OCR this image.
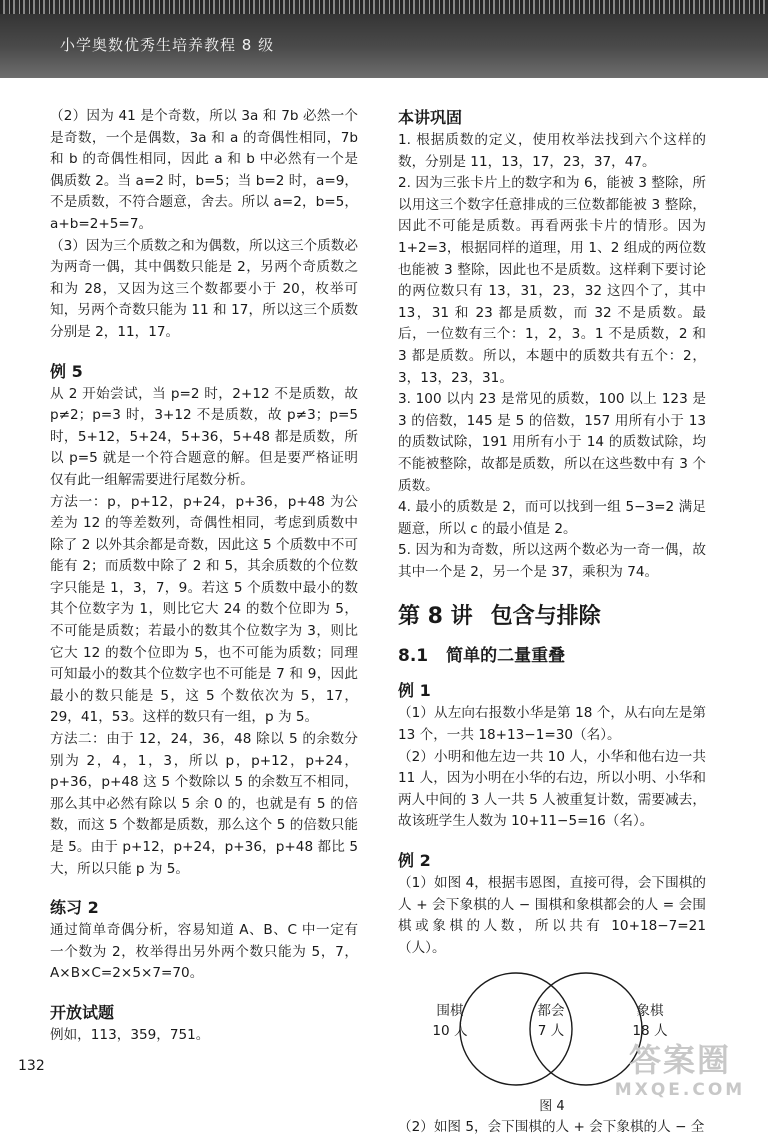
小学奥数优秀生培养教程 8 级

（2）因为 41 是个奇数，所以 3a 和 7b 必然一个是奇数，一个是偶数，3a 和 a 的奇偶性相同，7b 和 b 的奇偶性相同，因此 a 和 b 中必然有一个是偶质数 2。当 a=2 时，b=5；当 b=2 时，a=9，不是质数，不符合题意，舍去。所以 a=2，b=5，a+b=2+5=7。

（3）因为三个质数之和为偶数，所以这三个质数必为两奇一偶，其中偶数只能是 2，另两个奇质数之和为 28，又因为这三个数都要小于 20，枚举可知，另两个奇数只能为 11 和 17，所以这三个质数分别是 2，11，17。

例 5

从 2 开始尝试，当 p=2 时，2+12 不是质数，故 p≠2；p=3 时，3+12 不是质数，故 p≠3；p=5 时，5+12，5+24，5+36，5+48 都是质数，所以 p=5 就是一个符合题意的解。但是要严格证明仅有此一组解需要进行尾数分析。

方法一：p，p+12，p+24，p+36，p+48 为公差为 12 的等差数列，奇偶性相同，考虑到质数中除了 2 以外其余都是奇数，因此这 5 个质数中不可能有 2；而质数中除了 2 和 5，其余质数的个位数字只能是 1，3，7，9。若这 5 个质数中最小的数其个位数字为 1，则比它大 24 的数个位即为 5，不可能是质数；若最小的数其个位数字为 3，则比它大 12 的数个位即为 5，也不可能为质数；同理可知最小的数其个位数字也不可能是 7 和 9，因此最小的数只能是 5，这 5 个数依次为 5，17，29，41，53。这样的数只有一组，p 为 5。

方法二：由于 12，24，36，48 除以 5 的余数分别为 2，4，1，3，所以 p，p+12，p+24，p+36，p+48 这 5 个数除以 5 的余数互不相同，那么其中必然有除以 5 余 0 的，也就是有 5 的倍数，而这 5 个数都是质数，那么这个 5 的倍数只能是 5。由于 p+12，p+24，p+36，p+48 都比 5 大，所以只能 p 为 5。

练习 2

通过简单奇偶分析，容易知道 A、B、C 中一定有一个数为 2，枚举得出另外两个数只能为 5，7，A×B×C=2×5×7=70。

开放试题

例如，113，359，751。

本讲巩固

1. 根据质数的定义，使用枚举法找到六个这样的数，分别是 11，13，17，23，37，47。

2. 因为三张卡片上的数字和为 6，能被 3 整除，所以用这三个数字任意排成的三位数都能被 3 整除，因此不可能是质数。再看两张卡片的情形。因为 1+2=3，根据同样的道理，用 1、2 组成的两位数也能被 3 整除，因此也不是质数。这样剩下要讨论的两位数只有 13，31，23，32 这四个了，其中 13，31 和 23 都是质数，而 32 不是质数。最后，一位数有三个：1，2，3。1 不是质数，2 和 3 都是质数。所以，本题中的质数共有五个：2，3，13，23，31。

3. 100 以内 23 是常见的质数，100 以上 123 是 3 的倍数，145 是 5 的倍数，157 用所有小于 13 的质数试除，191 用所有小于 14 的质数试除，均不能被整除，故都是质数，所以在这些数中有 3 个质数。

4. 最小的质数是 2，而可以找到一组 5−3=2 满足题意，所以 c 的最小值是 2。

5. 因为和为奇数，所以这两个数必为一奇一偶，故其中一个是 2，另一个是 37，乘积为 74。

第 8 讲 包含与排除
8.1 简单的二量重叠
例 1

（1）从左向右报数小华是第 18 个，从右向左是第 13 个，一共 18+13−1=30（名）。

（2）小明和他左边一共 10 人，小华和他右边一共 11 人，因为小明在小华的右边，所以小明、小华和两人中间的 3 人一共 5 人被重复计数，需要减去，故该班学生人数为 10+11−5=16（名）。

例 2

（1）如图 4，根据韦恩图，直接可得，会下围棋的人 + 会下象棋的人 − 围棋和象棋都会的人 = 会围棋或象棋的人数，所以共有 10+18−7=21（人）。

围棋
10 人
都会
7 人
象棋
18 人
图 4

（2）如图 5，会下围棋的人 + 会下象棋的人 − 全

132	答案圈
MXQE.COM
